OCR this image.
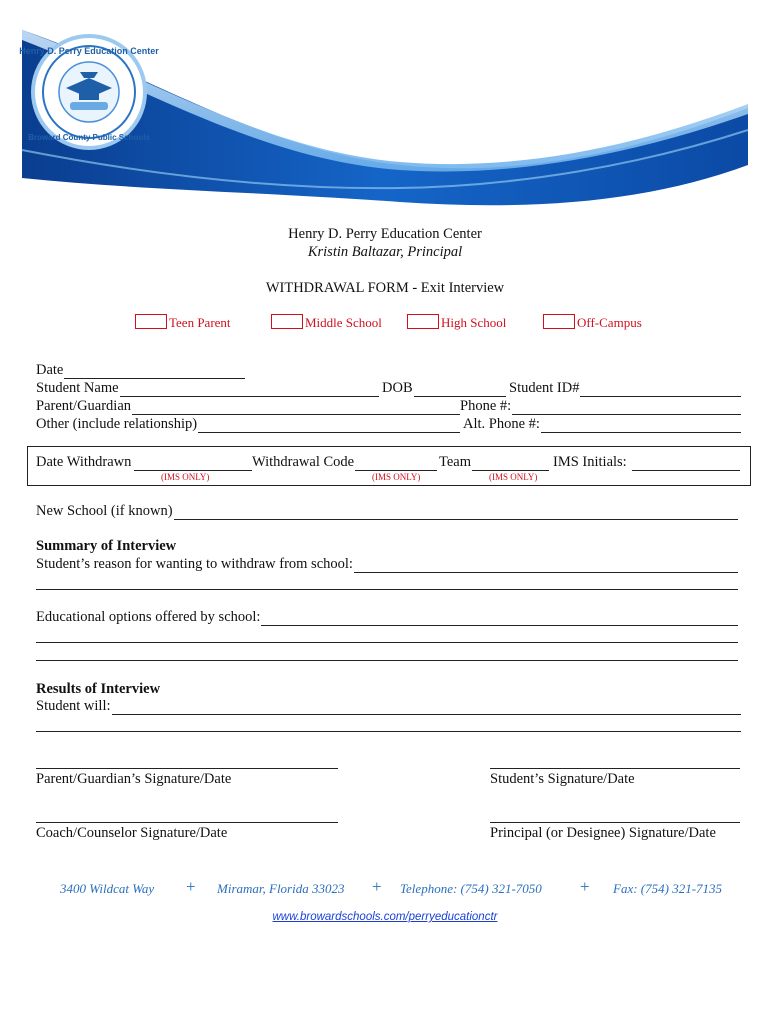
Henry D. Perry Education Center
Broward County Public Schools
Henry D. Perry Education Center
Kristin Baltazar, Principal
WITHDRAWAL FORM - Exit Interview
Teen Parent	Middle School	High School	Off-Campus
Date
Student Name	DOB	Student ID#
Parent/Guardian	Phone #:
Other (include relationship)	Alt. Phone #:
Date Withdrawn	Withdrawal Code	Team	IMS Initials:
(IMS ONLY)	(IMS ONLY)	(IMS ONLY)
New School (if known)
Summary of Interview
Student’s reason for wanting to withdraw from school:
Educational options offered by school:
Results of Interview
Student will:
Parent/Guardian’s Signature/Date	Student’s Signature/Date
Coach/Counselor Signature/Date	Principal (or Designee) Signature/Date
3400 Wildcat Way + Miramar, Florida 33023 + Telephone: (754) 321-7050 + Fax: (754) 321-7135
www.browardschools.com/perryeducationctr
